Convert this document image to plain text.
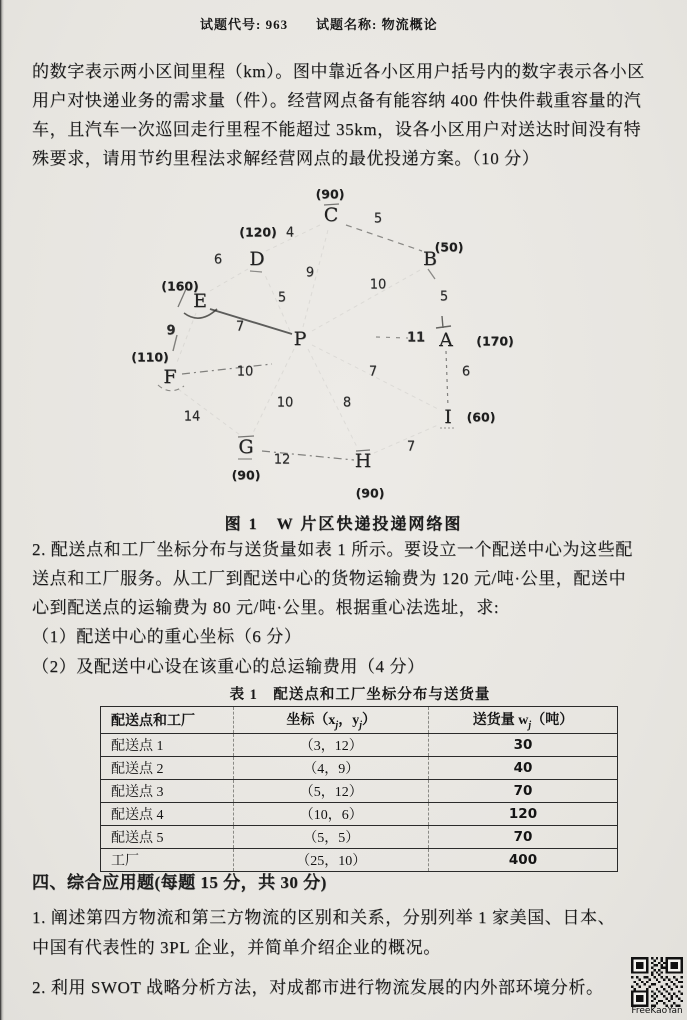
试题代号: 963 试题名称: 物流概论
的数字表示两小区间里程（km）。图中靠近各小区用户括号内的数字表示各小区
用户对快递业务的需求量（件）。经营网点备有能容纳 400 件快件载重容量的汽
车，且汽车一次巡回走行里程不能超过 35km，设各小区用户对送达时间没有特
殊要求，请用节约里程法求解经营网点的最优投递方案。（10 分）
C
D	B
E
P	A
F
I
G
H
(90)
(120)
(50)
(160)
(170)
(110)
(60)
(90)
(90)
4
5
6
9
10
5
5
7
9	11
10	7	6
10	8
14
12
7
图 1　W 片区快递投递网络图
2. 配送点和工厂坐标分布与送货量如表 1 所示。要设立一个配送中心为这些配
送点和工厂服务。从工厂到配送中心的货物运输费为 120 元/吨·公里，配送中
心到配送点的运输费为 80 元/吨·公里。根据重心法选址，求:
（1）配送中心的重心坐标（6 分）
（2）及配送中心设在该重心的总运输费用（4 分）
表 1　配送点和工厂坐标分布与送货量
配送点和工厂	坐标（$x_j$，$y_j$）	送货量 $w_j$（吨）
配送点 1	（3，12）	30
配送点 2	（4，9）	40
配送点 3	（5，12）	70
配送点 4	（10，6）	120
配送点 5	（5，5）	70
工厂	（25，10）	400
四、综合应用题(每题 15 分，共 30 分)
1. 阐述第四方物流和第三方物流的区别和关系，分别列举 1 家美国、日本、
中国有代表性的 3PL 企业，并简单介绍企业的概况。
2. 利用 SWOT 战略分析方法，对成都市进行物流发展的内外部环境分析。
FreeKaoYan
